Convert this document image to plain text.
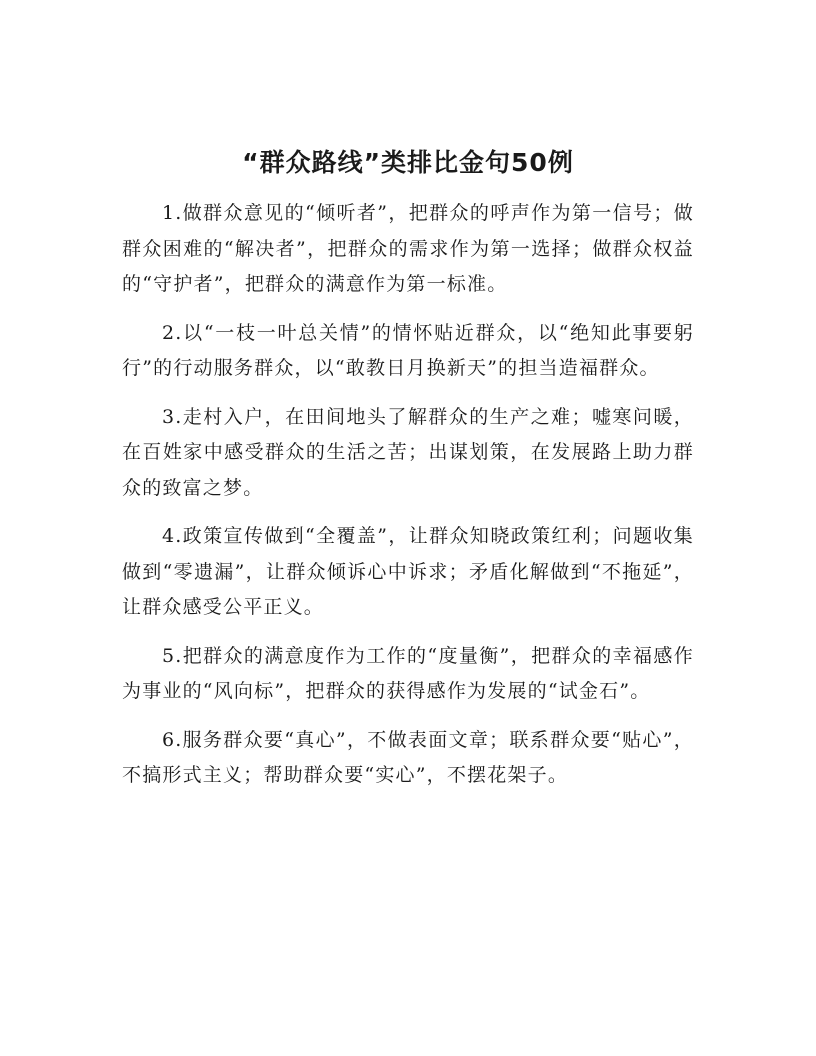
“群众路线”类排比金句50例

1.做群众意见的“倾听者”，把群众的呼声作为第一信号；做群众困难的“解决者”，把群众的需求作为第一选择；做群众权益的“守护者”，把群众的满意作为第一标准。

2.以“一枝一叶总关情”的情怀贴近群众，以“绝知此事要躬行”的行动服务群众，以“敢教日月换新天”的担当造福群众。

3.走村入户，在田间地头了解群众的生产之难；嘘寒问暖，在百姓家中感受群众的生活之苦；出谋划策，在发展路上助力群众的致富之梦。

4.政策宣传做到“全覆盖”，让群众知晓政策红利；问题收集做到“零遗漏”，让群众倾诉心中诉求；矛盾化解做到“不拖延”，让群众感受公平正义。

5.把群众的满意度作为工作的“度量衡”，把群众的幸福感作为事业的“风向标”，把群众的获得感作为发展的“试金石”。

6.服务群众要“真心”，不做表面文章；联系群众要“贴心”，不搞形式主义；帮助群众要“实心”，不摆花架子。
